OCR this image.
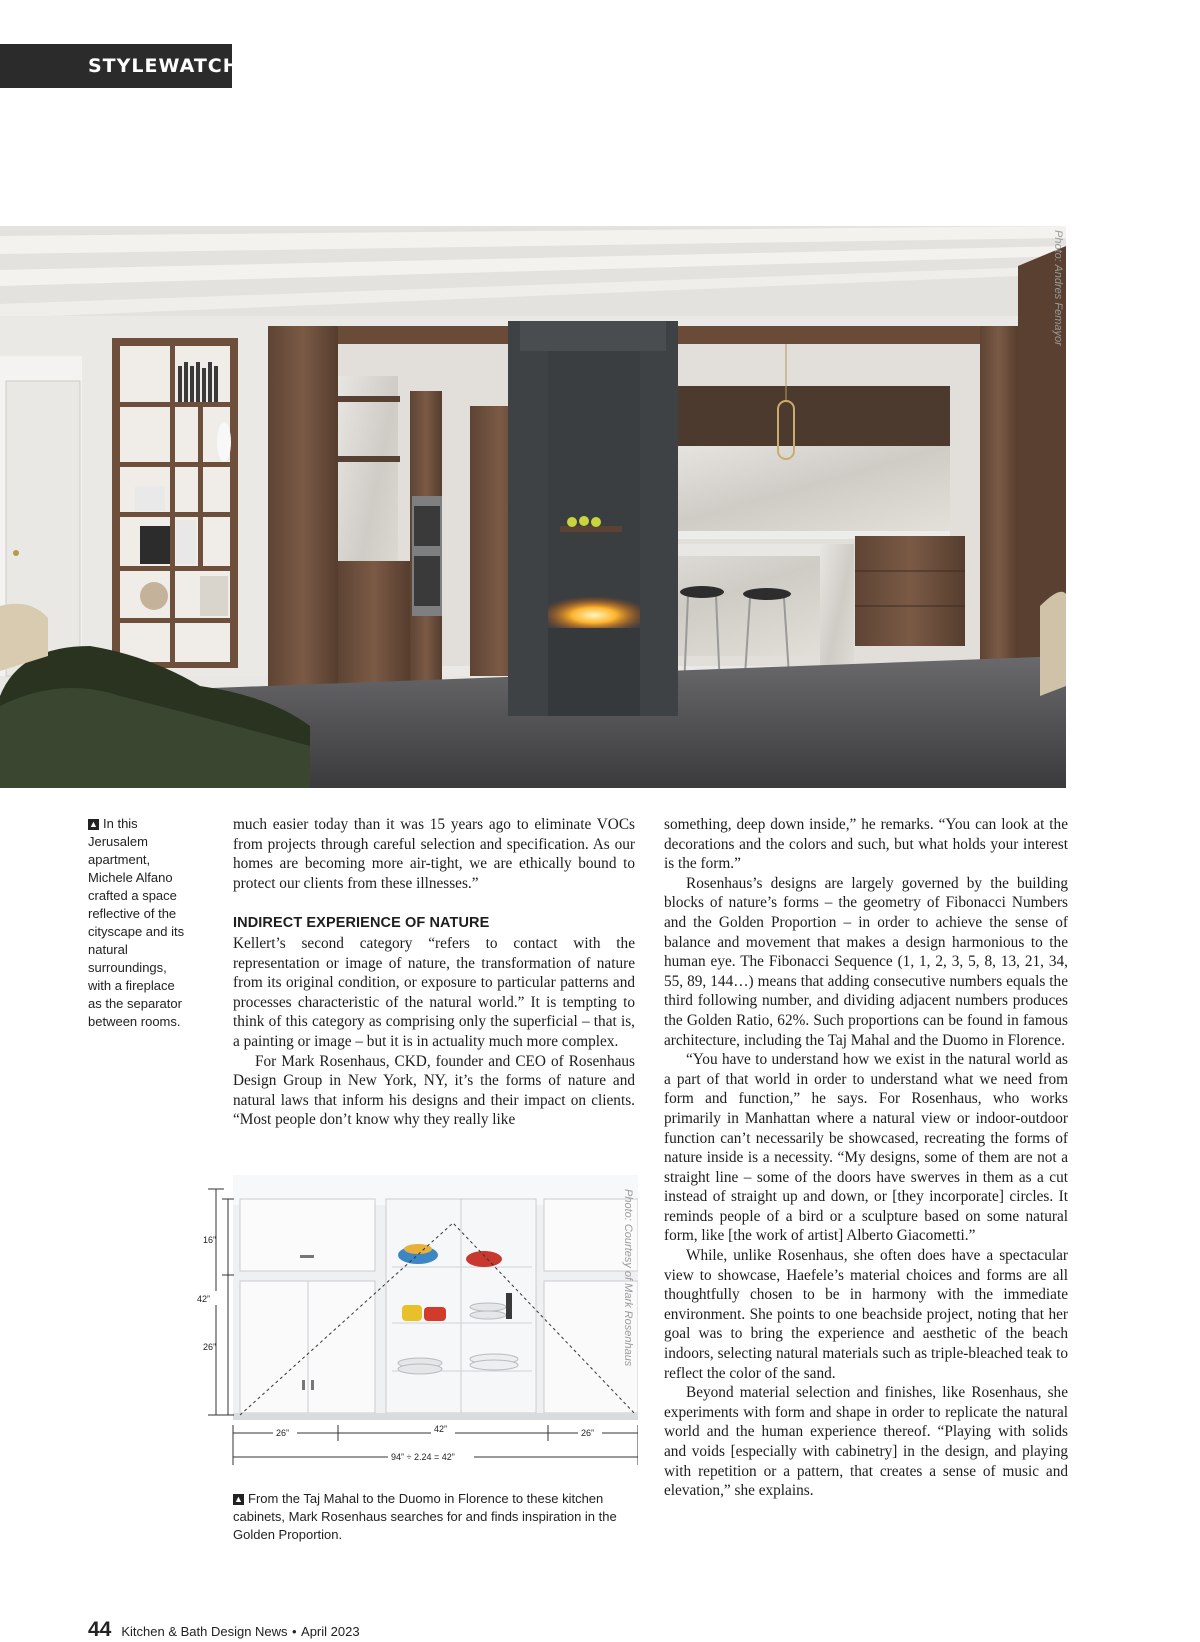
STYLEWATCH
Photo: Andres Femayor

▲ In this Jerusalem apartment, Michele Alfano crafted a space reflective of the cityscape and its natural surroundings, with a fireplace as the separator between rooms.

much easier today than it was 15 years ago to eliminate VOCs from projects through careful selection and specification. As our homes are becoming more air-tight, we are ethically bound to protect our clients from these illnesses.”

INDIRECT EXPERIENCE OF NATURE

Kellert’s second category “refers to contact with the representation or image of nature, the transformation of nature from its original condition, or exposure to particular patterns and processes characteristic of the natural world.” It is tempting to think of this category as comprising only the superficial – that is, a painting or image – but it is in actuality much more complex.

For Mark Rosenhaus, CKD, founder and CEO of Rosenhaus Design Group in New York, NY, it’s the forms of nature and natural laws that inform his designs and their impact on clients. “Most people don’t know why they really like

something, deep down inside,” he remarks. “You can look at the decorations and the colors and such, but what holds your interest is the form.”

Rosenhaus’s designs are largely governed by the building blocks of nature’s forms – the geometry of Fibonacci Numbers and the Golden Proportion – in order to achieve the sense of balance and movement that makes a design harmonious to the human eye. The Fibonacci Sequence (1, 1, 2, 3, 5, 8, 13, 21, 34, 55, 89, 144…) means that adding consecutive numbers equals the third following number, and dividing adjacent numbers produces the Golden Ratio, 62%. Such proportions can be found in famous architecture, including the Taj Mahal and the Duomo in Florence.

“You have to understand how we exist in the natural world as a part of that world in order to understand what we need from form and function,” he says. For Rosenhaus, who works primarily in Manhattan where a natural view or indoor-outdoor function can’t necessarily be showcased, recreating the forms of nature inside is a necessity. “My designs, some of them are not a straight line – some of the doors have swerves in them as a cut instead of straight up and down, or [they incorporate] circles. It reminds people of a bird or a sculpture based on some natural form, like [the work of artist] Alberto Giacometti.”

While, unlike Rosenhaus, she often does have a spectacular view to showcase, Haefele’s material choices and forms are all thoughtfully chosen to be in harmony with the immediate environment. She points to one beachside project, noting that her goal was to bring the experience and aesthetic of the beach indoors, selecting natural materials such as triple-bleached teak to reflect the color of the sand.

Beyond material selection and finishes, like Rosenhaus, she experiments with form and shape in order to replicate the natural world and the human experience thereof. “Playing with solids and voids [especially with cabinetry] in the design, and playing with repetition or a pattern, that creates a sense of music and elevation,” she explains.

42”
16”
26”
26”	42”	26”
94” ÷ 2.24 = 42”
Photo: Courtesy of Mark Rosenhaus

▲ From the Taj Mahal to the Duomo in Florence to these kitchen cabinets, Mark Rosenhaus searches for and finds inspiration in the Golden Proportion.

44 Kitchen & Bath Design News • April 2023
